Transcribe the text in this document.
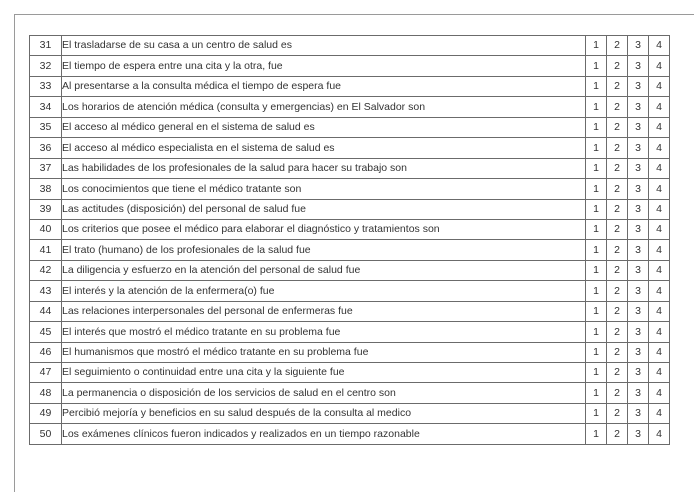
31	El trasladarse de su casa a un centro de salud es	1	2	3	4
32	El tiempo de espera entre una cita y la otra, fue	1	2	3	4
33	Al presentarse a la consulta médica el tiempo de espera fue	1	2	3	4
34	Los horarios de atención médica (consulta y emergencias) en El Salvador son	1	2	3	4
35	El acceso al médico general en el sistema de salud es	1	2	3	4
36	El acceso al médico especialista en el sistema de salud es	1	2	3	4
37	Las habilidades de los profesionales de la salud para hacer su trabajo son	1	2	3	4
38	Los conocimientos que tiene el médico tratante son	1	2	3	4
39	Las actitudes (disposición) del personal de salud fue	1	2	3	4
40	Los criterios que posee el médico para elaborar el diagnóstico y tratamientos son	1	2	3	4
41	El trato (humano) de los profesionales de la salud fue	1	2	3	4
42	La diligencia y esfuerzo en la atención del personal de salud fue	1	2	3	4
43	El interés y la atención de la enfermera(o) fue	1	2	3	4
44	Las relaciones interpersonales del personal de enfermeras fue	1	2	3	4
45	El interés que mostró el médico tratante en su problema fue	1	2	3	4
46	El humanismos que mostró el médico tratante en su problema fue	1	2	3	4
47	El seguimiento o continuidad entre una cita y la siguiente fue	1	2	3	4
48	La permanencia o disposición de los servicios de salud en el centro son	1	2	3	4
49	Percibió mejoría y beneficios en su salud después de la consulta al medico	1	2	3	4
50	Los exámenes clínicos fueron indicados y realizados en un tiempo razonable	1	2	3	4
